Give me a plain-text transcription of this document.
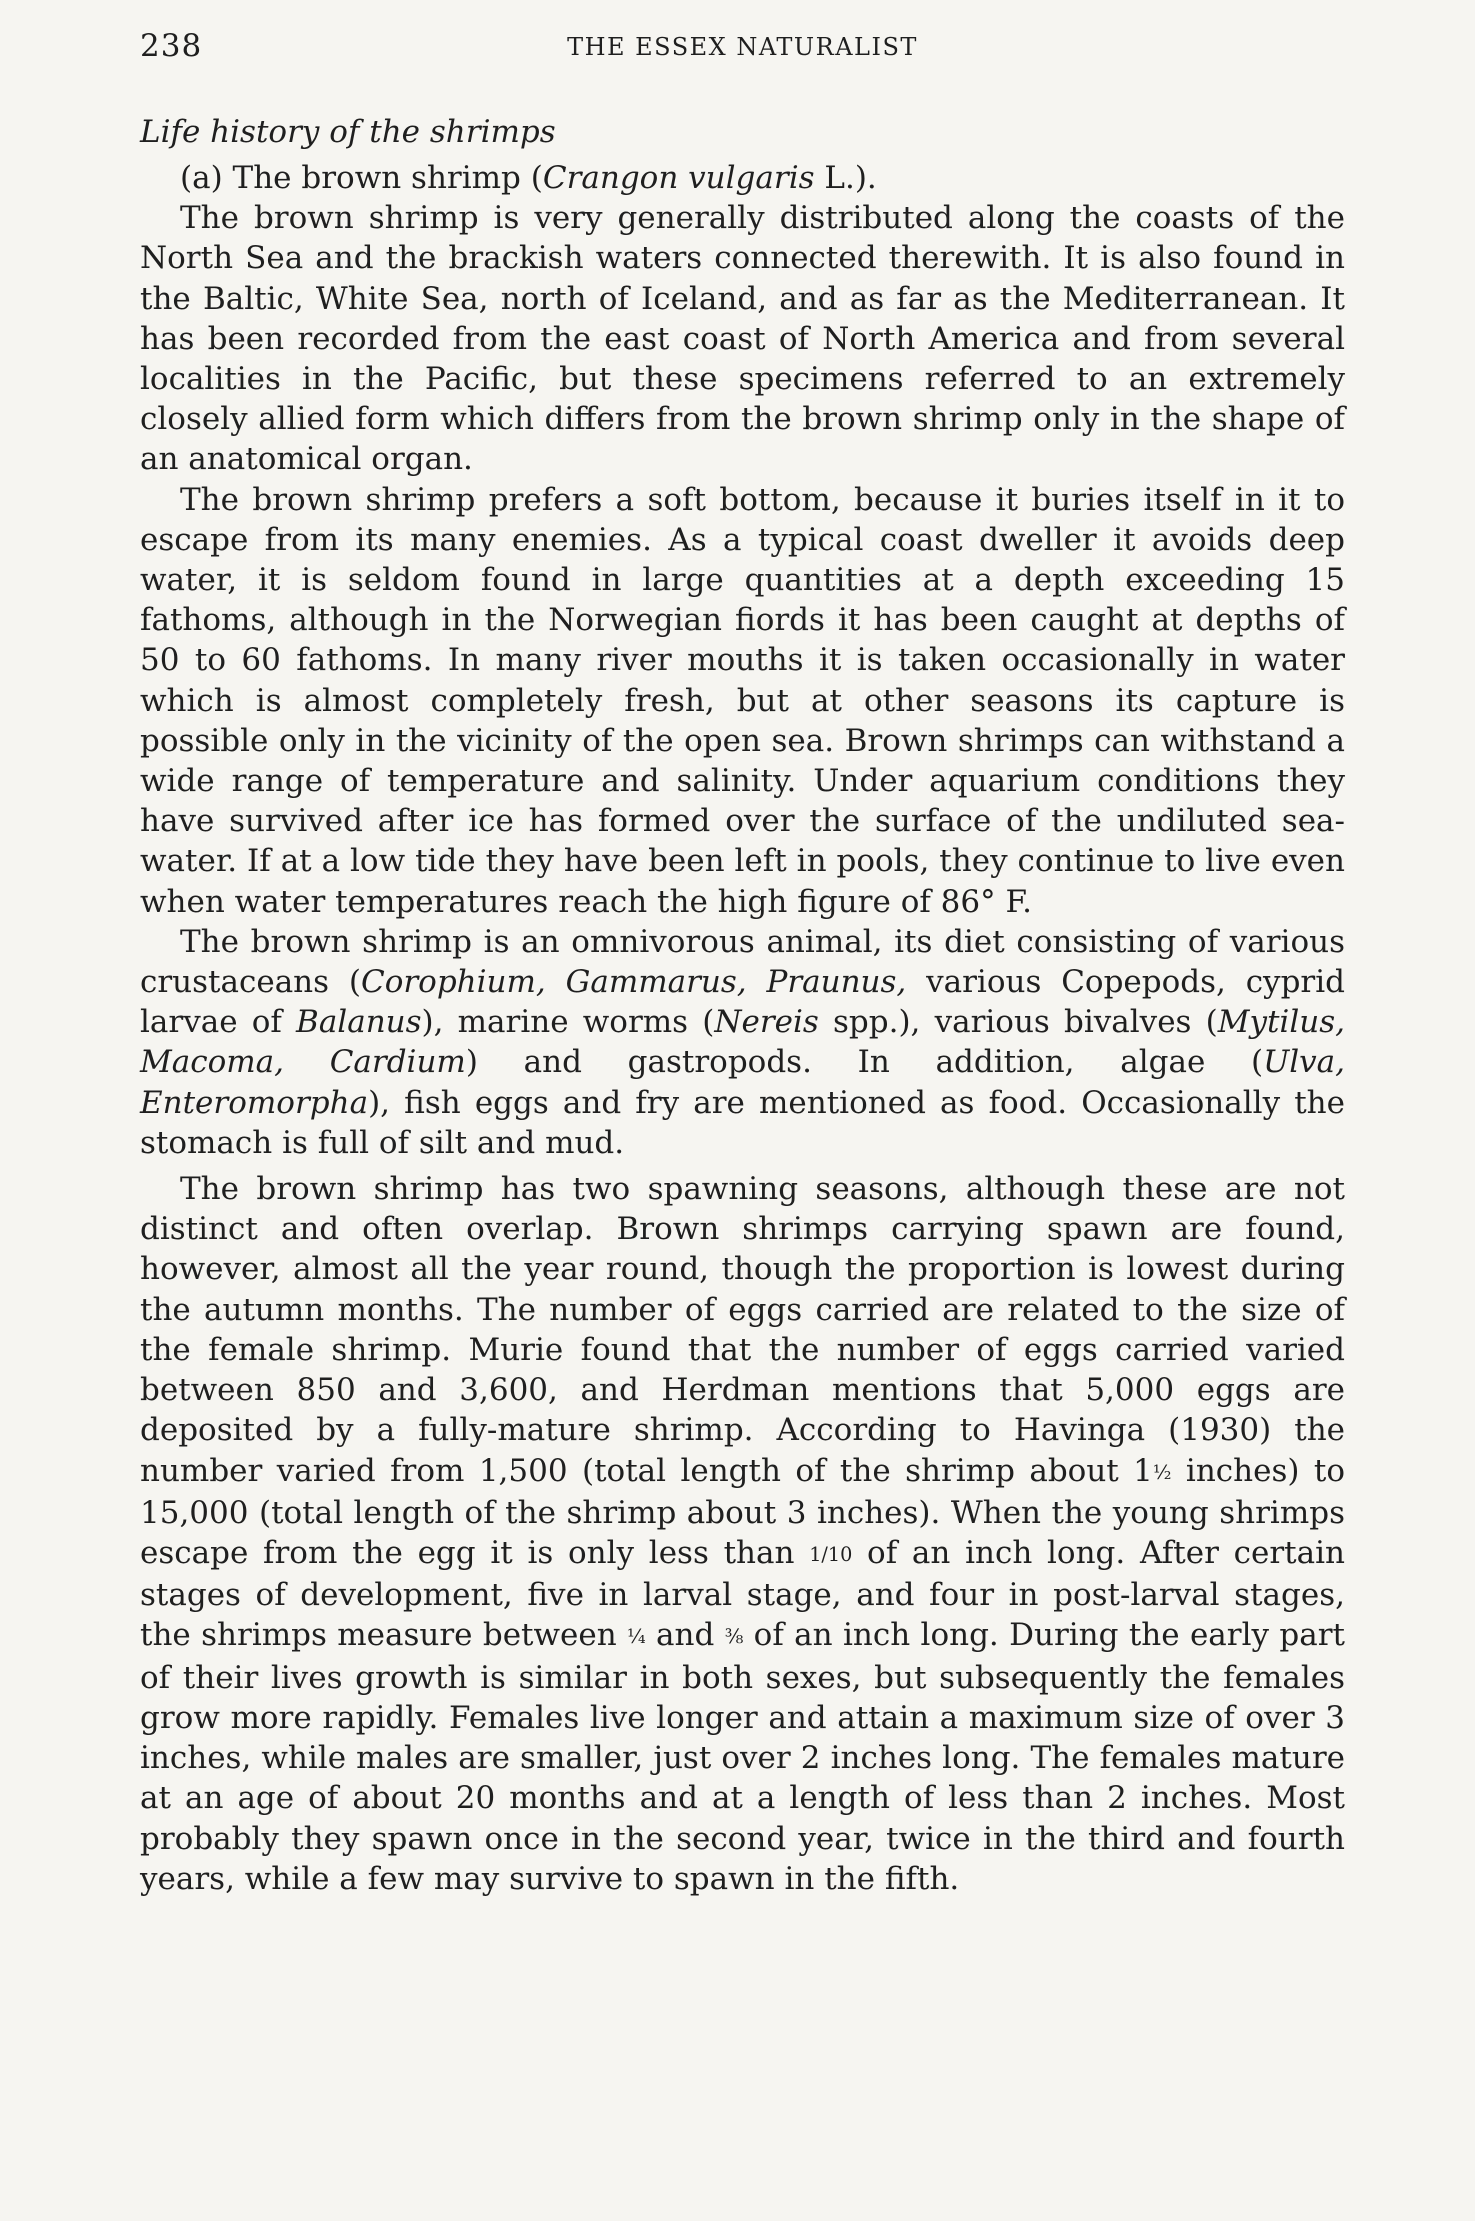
238	THE ESSEX NATURALIST
Life history of the shrimps

(a) The brown shrimp (Crangon vulgaris L.).

The brown shrimp is very generally distributed along the coasts of the North Sea and the brackish waters connected therewith. It is also found in the Baltic, White Sea, north of Iceland, and as far as the Mediterranean. It has been recorded from the east coast of North America and from several localities in the Pacific, but these specimens referred to an extremely closely allied form which differs from the brown shrimp only in the shape of an anatomical organ.

The brown shrimp prefers a soft bottom, because it buries itself in it to escape from its many enemies. As a typical coast dweller it avoids deep water, it is seldom found in large quantities at a depth exceeding 15 fathoms, although in the Norwegian fiords it has been caught at depths of 50 to 60 fathoms. In many river mouths it is taken occasionally in water which is almost completely fresh, but at other seasons its capture is possible only in the vicinity of the open sea. Brown shrimps can withstand a wide range of temperature and salinity. Under aquarium conditions they have survived after ice has formed over the surface of the undiluted sea-water. If at a low tide they have been left in pools, they continue to live even when water temperatures reach the high figure of 86° F.

The brown shrimp is an omnivorous animal, its diet consisting of various crustaceans (Corophium, Gammarus, Praunus, various Copepods, cyprid larvae of Balanus), marine worms (Nereis spp.), various bivalves (Mytilus, Macoma, Cardium) and gastropods. In addition, algae (Ulva, Enteromorpha), fish eggs and fry are mentioned as food. Occasionally the stomach is full of silt and mud.

The brown shrimp has two spawning seasons, although these are not distinct and often overlap. Brown shrimps carrying spawn are found, however, almost all the year round, though the proportion is lowest during the autumn months. The number of eggs carried are related to the size of the female shrimp. Murie found that the number of eggs carried varied between 850 and 3,600, and Herdman mentions that 5,000 eggs are deposited by a fully-mature shrimp. According to Havinga (1930) the number varied from 1,500 (total length of the shrimp about 1½ inches) to 15,000 (total length of the shrimp about 3 inches). When the young shrimps escape from the egg it is only less than 1/10 of an inch long. After certain stages of development, five in larval stage, and four in post-larval stages, the shrimps measure between ¼ and ⅜ of an inch long. During the early part of their lives growth is similar in both sexes, but subsequently the females grow more rapidly. Females live longer and attain a maximum size of over 3 inches, while males are smaller, just over 2 inches long. The females mature at an age of about 20 months and at a length of less than 2 inches. Most probably they spawn once in the second year, twice in the third and fourth years, while a few may survive to spawn in the fifth.
